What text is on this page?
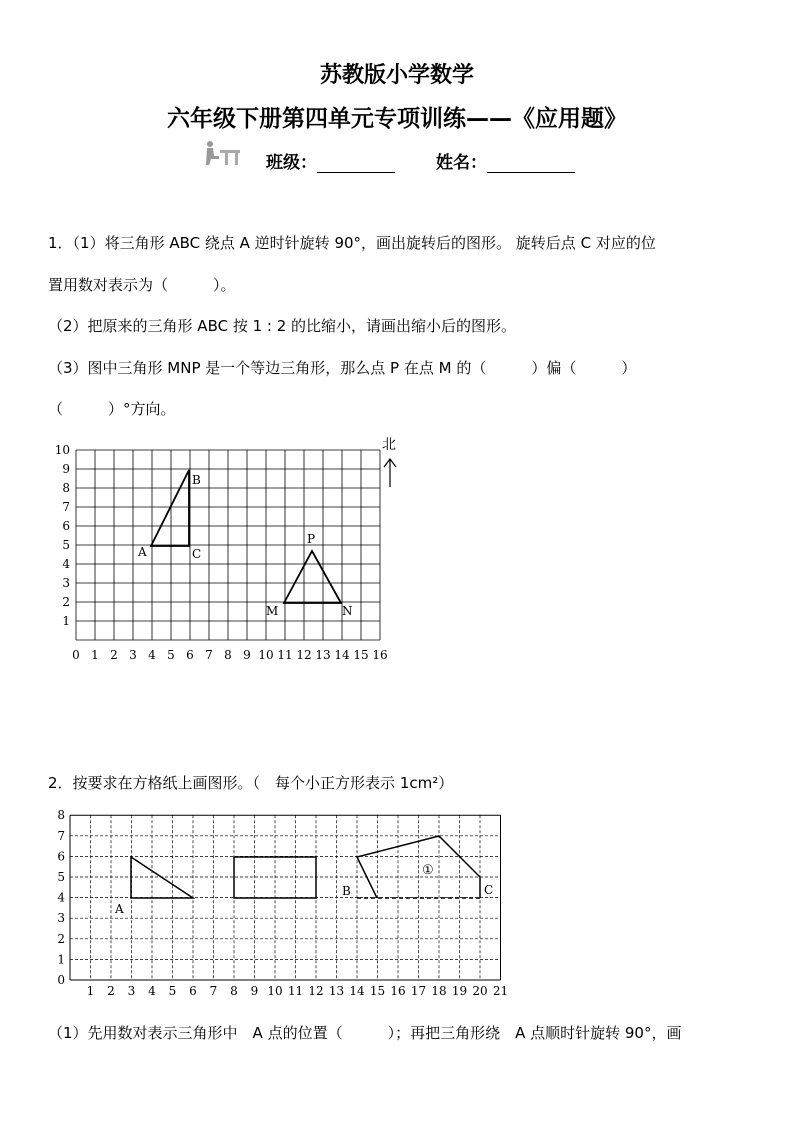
苏教版小学数学
六年级下册第四单元专项训练——《应用题》
班级：	姓名：
1．（1）将三角形 ABC 绕点 A 逆时针旋转 90°，画出旋转后的图形。 旋转后点 C 对应的位
置用数对表示为（　　　）。
（2）把原来的三角形 ABC 按 1 : 2 的比缩小，请画出缩小后的图形。
（3）图中三角形 MNP 是一个等边三角形，那么点 P 在点 M 的（　　　）偏（　　　）
（　　　）°方向。
0 1 2 3 4 5 6 7 8 9 10 11 12 13 14 15 16
1
2
3
4
5
6
7
8
9
10
A
B
C
M	N
P
北
2．按要求在方格纸上画图形。（　每个小正方形表示 1cm²）
1 2 3 4 5 6 7 8 9 10 11 12 13 14 15 16 17 18 19 20 21
0
1
2
3
4
5
6
7
8
A
B	C
①
（1）先用数对表示三角形中　A 点的位置（　　　）；再把三角形绕　A 点顺时针旋转 90°，画
